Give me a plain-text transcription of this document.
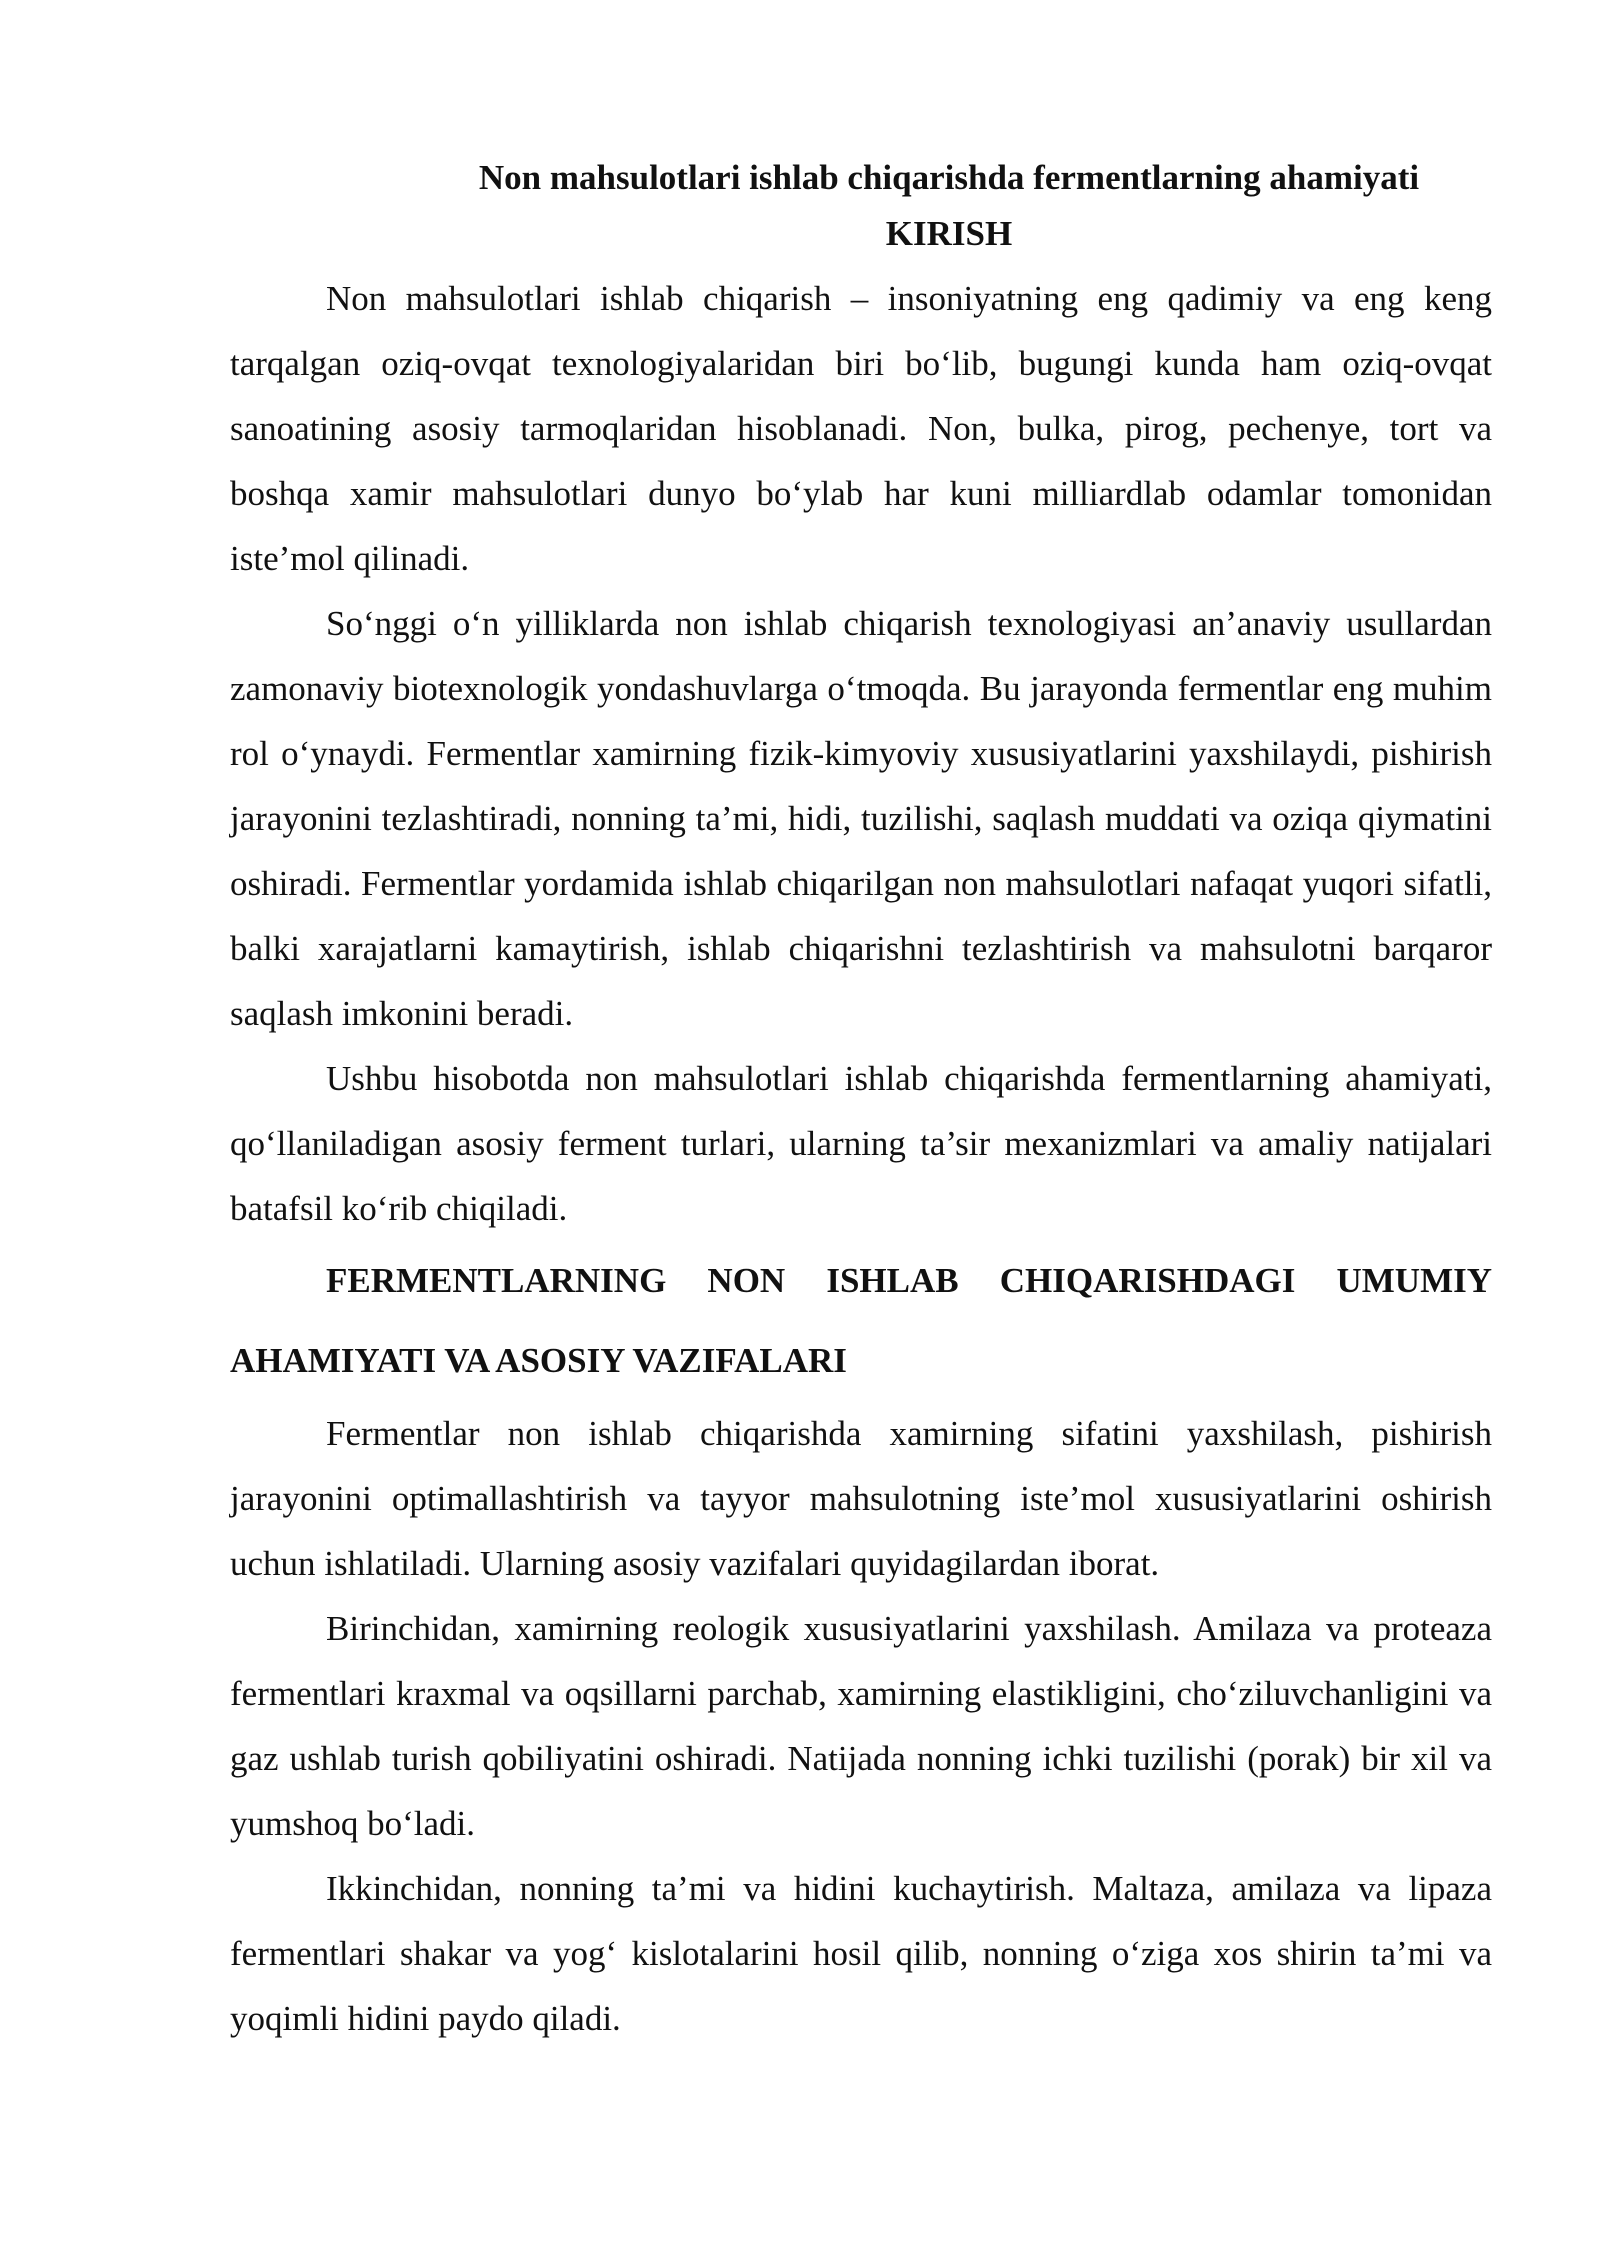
Non mahsulotlari ishlab chiqarishda fermentlarning ahamiyati

KIRISH

Non mahsulotlari ishlab chiqarish – insoniyatning eng qadimiy va eng keng tarqalgan oziq-ovqat texnologiyalaridan biri bo‘lib, bugungi kunda ham oziq-ovqat sanoatining asosiy tarmoqlaridan hisoblanadi. Non, bulka, pirog, pechenye, tort va boshqa xamir mahsulotlari dunyo bo‘ylab har kuni milliardlab odamlar tomonidan iste’mol qilinadi.

So‘nggi o‘n yilliklarda non ishlab chiqarish texnologiyasi an’anaviy usullardan zamonaviy biotexnologik yondashuvlarga o‘tmoqda. Bu jarayonda fermentlar eng muhim rol o‘ynaydi. Fermentlar xamirning fizik-kimyoviy xususiyatlarini yaxshilaydi, pishirish jarayonini tezlashtiradi, nonning ta’mi, hidi, tuzilishi, saqlash muddati va oziqa qiymatini oshiradi. Fermentlar yordamida ishlab chiqarilgan non mahsulotlari nafaqat yuqori sifatli, balki xarajatlarni kamaytirish, ishlab chiqarishni tezlashtirish va mahsulotni barqaror saqlash imkonini beradi.

Ushbu hisobotda non mahsulotlari ishlab chiqarishda fermentlarning ahamiyati, qo‘llaniladigan asosiy ferment turlari, ularning ta’sir mexanizmlari va amaliy natijalari batafsil ko‘rib chiqiladi.

FERMENTLARNING NON ISHLAB CHIQARISHDAGI UMUMIY AHAMIYATI VA ASOSIY VAZIFALARI

Fermentlar non ishlab chiqarishda xamirning sifatini yaxshilash, pishirish jarayonini optimallashtirish va tayyor mahsulotning iste’mol xususiyatlarini oshirish uchun ishlatiladi. Ularning asosiy vazifalari quyidagilardan iborat.

Birinchidan, xamirning reologik xususiyatlarini yaxshilash. Amilaza va proteaza fermentlari kraxmal va oqsillarni parchab, xamirning elastikligini, cho‘ziluvchanligini va gaz ushlab turish qobiliyatini oshiradi. Natijada nonning ichki tuzilishi (porak) bir xil va yumshoq bo‘ladi.

Ikkinchidan, nonning ta’mi va hidini kuchaytirish. Maltaza, amilaza va lipaza fermentlari shakar va yog‘ kislotalarini hosil qilib, nonning o‘ziga xos shirin ta’mi va yoqimli hidini paydo qiladi.
